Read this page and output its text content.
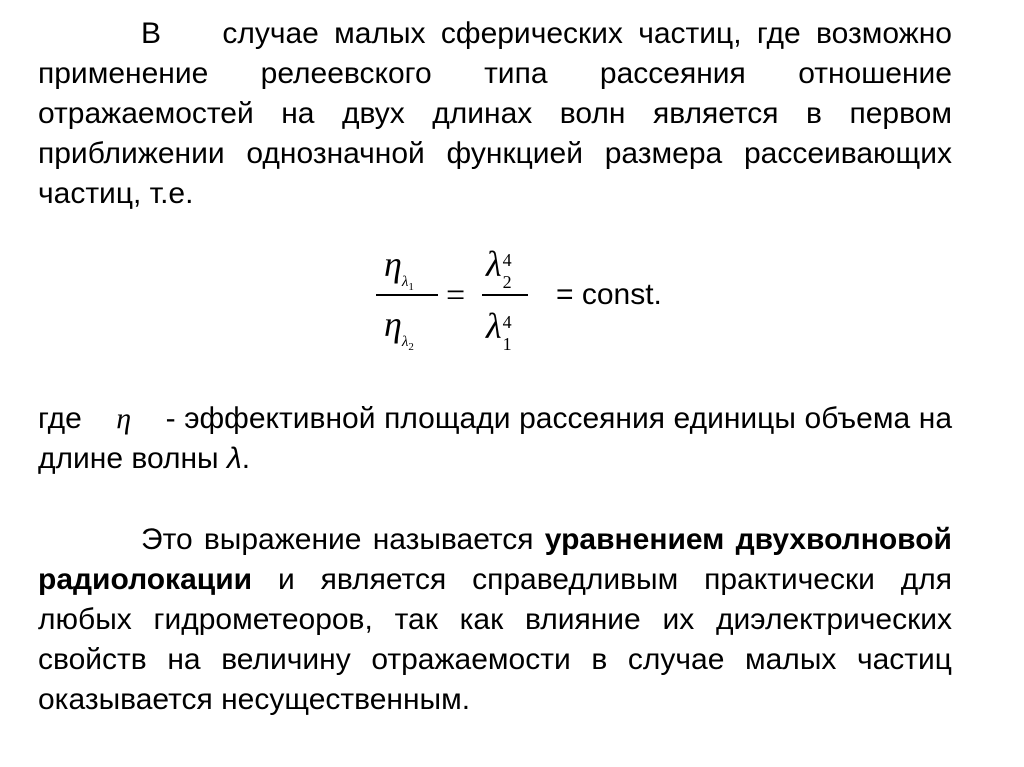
В случае малых сферических частиц, где возможно применение релеевского типа рассеяния отношение отражаемостей на двух длинах волн является в первом приближении однозначной функцией размера рассеивающих частиц, т.е.
$\eta_{\lambda_1}$
$\eta_{\lambda_2}$
=
λ 4
2
λ 4
1
= const.
где η - эффективной площади рассеяния единицы объема на длине волны λ.
Это выражение называется уравнением двухволновой радиолокации и является справедливым практически для любых гидрометеоров, так как влияние их диэлектрических свойств на величину отражаемости в случае малых частиц оказывается несущественным.
